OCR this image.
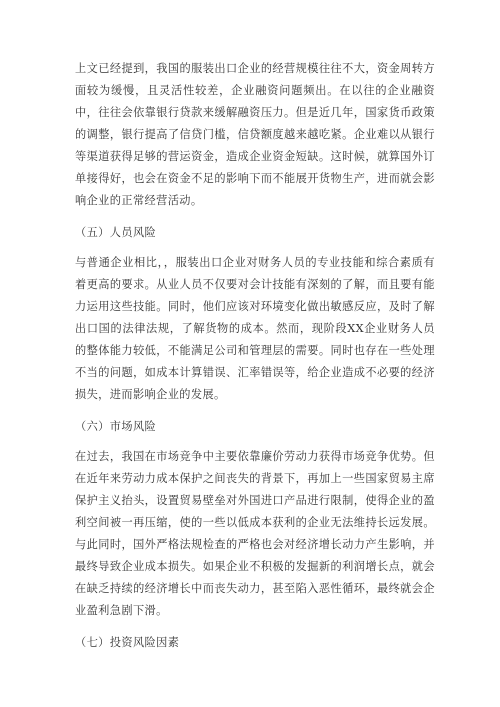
上文已经提到，我国的服装出口企业的经营规模往往不大，资金周转方面较为缓慢，且灵活性较差，企业融资问题频出。在以往的企业融资中，往往会依靠银行贷款来缓解融资压力。但是近几年，国家货币政策的调整，银行提高了信贷门槛，信贷额度越来越吃紧。企业难以从银行等渠道获得足够的营运资金，造成企业资金短缺。这时候，就算国外订单接得好，也会在资金不足的影响下而不能展开货物生产，进而就会影响企业的正常经营活动。

（五）人员风险

与普通企业相比，，服装出口企业对财务人员的专业技能和综合素质有着更高的要求。从业人员不仅要对会计技能有深刻的了解，而且要有能力运用这些技能。同时，他们应该对环境变化做出敏感反应，及时了解出口国的法律法规，了解货物的成本。然而，现阶段XX企业财务人员的整体能力较低，不能满足公司和管理层的需要。同时也存在一些处理不当的问题，如成本计算错误、汇率错误等，给企业造成不必要的经济损失，进而影响企业的发展。

（六）市场风险

在过去，我国在市场竞争中主要依靠廉价劳动力获得市场竞争优势。但在近年来劳动力成本保护之间丧失的背景下，再加上一些国家贸易主席保护主义抬头，设置贸易壁垒对外国进口产品进行限制，使得企业的盈利空间被一再压缩，使的一些以低成本获利的企业无法维持长远发展。与此同时，国外严格法规检查的严格也会对经济增长动力产生影响，并最终导致企业成本损失。如果企业不积极的发掘新的利润增长点，就会在缺乏持续的经济增长中而丧失动力，甚至陷入恶性循环，最终就会企业盈利急剧下滑。

（七）投资风险因素
